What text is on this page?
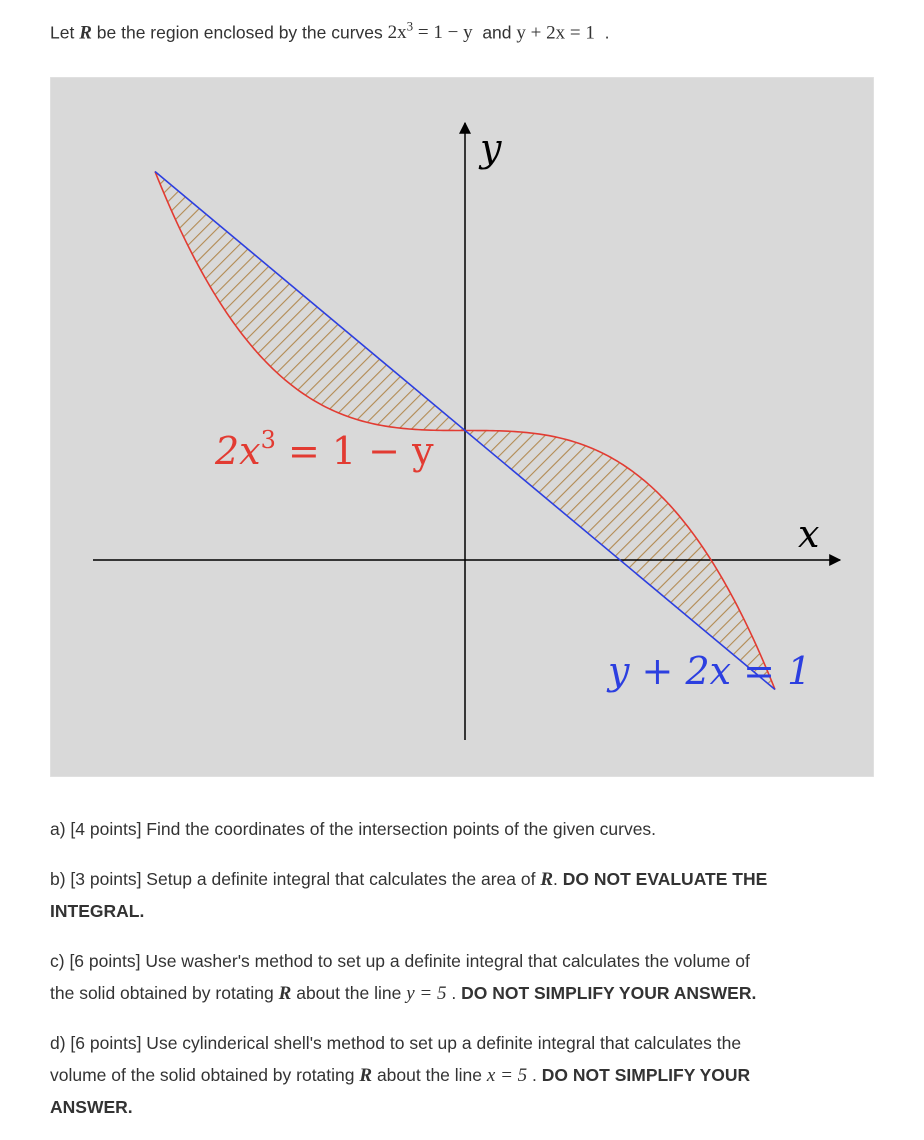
Let R be the region enclosed by the curves $2x^3 = 1 - y$ and y + 2x = 1 .
y
x
$2x^3 = 1 - y$
y + 2x = 1
a) [4 points] Find the coordinates of the intersection points of the given curves.
b) [3 points] Setup a definite integral that calculates the area of R. DO NOT EVALUATE THE
INTEGRAL.
c) [6 points] Use washer's method to set up a definite integral that calculates the volume of
the solid obtained by rotating R about the line y = 5 . DO NOT SIMPLIFY YOUR ANSWER.
d) [6 points] Use cylinderical shell's method to set up a definite integral that calculates the
volume of the solid obtained by rotating R about the line x = 5 . DO NOT SIMPLIFY YOUR
ANSWER.
